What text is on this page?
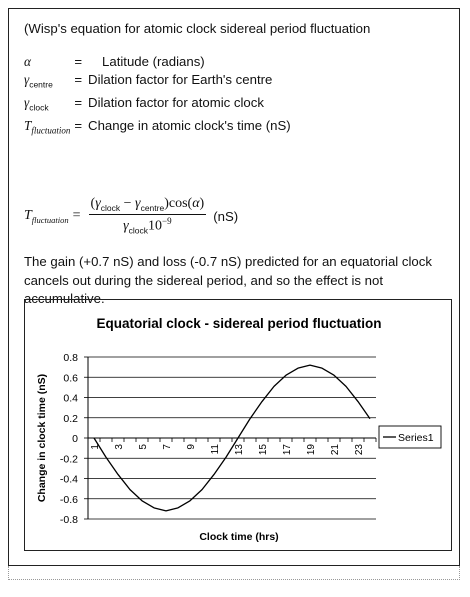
(Wisp's equation for atomic clock sidereal period fluctuation
α	=	Latitude (radians)
$\gamma_{centre}$	=	Dilation factor for Earth's centre
$\gamma_{clock}$	=	Dilation factor for atomic clock
$T_{fluctuation}$	=	Change in atomic clock's time (nS)
$T_{fluctuation} = \frac{(\gamma_{clock} - \gamma_{centre})\cos(\alpha)}{\gamma_{clock}10^{-9}} (nS)$
The gain (+0.7 nS) and loss (-0.7 nS) predicted for an equatorial clock cancels out during the sidereal period, and so the effect is not accumulative.
Equatorial clock - sidereal period fluctuation
0.8
0.6
0.4
0.2
0
-0.2
-0.4
-0.6
-0.8
1 3 5 7 9 11 13 15 17 19 21 23
Clock time (hrs)
Change in clock time (nS)	Series1
